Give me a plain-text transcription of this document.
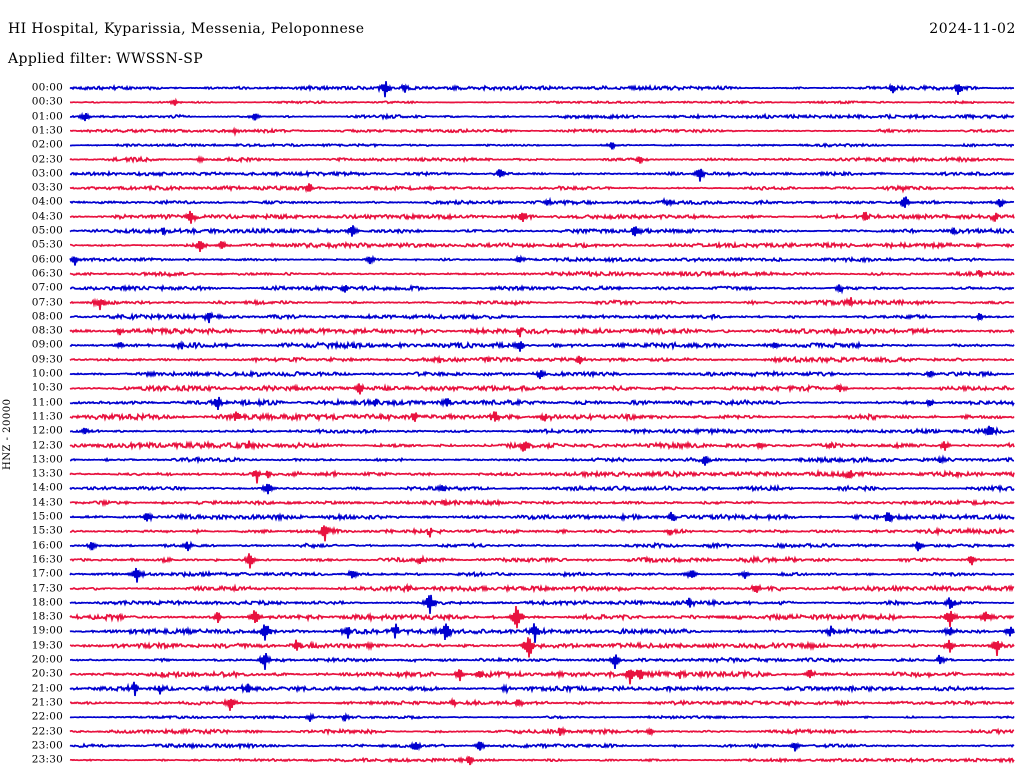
HI Hospital, Kyparissia, Messenia, Peloponnese	2024-11-02
Applied filter: WWSSN-SP
HNZ - 20000
00:00
00:30
01:00
01:30
02:00
02:30
03:00
03:30
04:00
04:30
05:00
05:30
06:00
06:30
07:00
07:30
08:00
08:30
09:00
09:30
10:00
10:30
11:00
11:30
12:00
12:30
13:00
13:30
14:00
14:30
15:00
15:30
16:00
16:30
17:00
17:30
18:00
18:30
19:00
19:30
20:00
20:30
21:00
21:30
22:00
22:30
23:00
23:30
